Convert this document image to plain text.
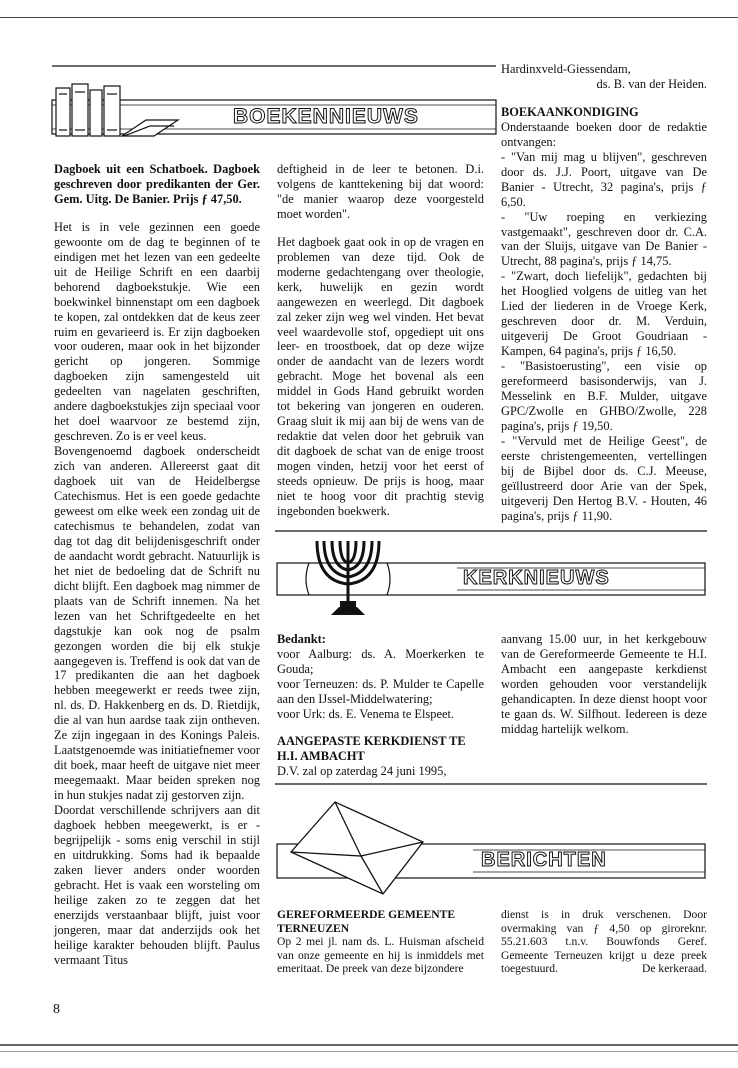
BOEKENNIEUWS

Dagboek uit een Schatboek. Dagboek geschreven door predikanten der Ger. Gem. Uitg. De Banier. Prijs ƒ 47,50.

Het is in vele gezinnen een goede gewoonte om de dag te beginnen of te eindigen met het lezen van een gedeelte uit de Heilige Schrift en een daarbij behorend dagboekstukje. Wie een boekwinkel binnenstapt om een dagboek te kopen, zal ontdekken dat de keus zeer ruim en gevarieerd is. Er zijn dagboeken voor ouderen, maar ook in het bijzonder gericht op jongeren. Sommige dagboeken zijn samengesteld uit gedeelten van nagelaten geschriften, andere dagboekstukjes zijn speciaal voor het doel waarvoor ze bestemd zijn, geschreven. Zo is er veel keus.

Bovengenoemd dagboek onderscheidt zich van anderen. Allereerst gaat dit dagboek uit van de Heidelbergse Catechismus. Het is een goede gedachte geweest om elke week een zondag uit de catechismus te behandelen, zodat van dag tot dag dit belijdenisgeschrift onder de aandacht wordt gebracht. Natuurlijk is het niet de bedoeling dat de Schrift nu dicht blijft. Een dagboek mag nimmer de plaats van de Schrift innemen. Na het lezen van het Schriftgedeelte en het dagstukje kan ook nog de psalm gezongen worden die bij elk stukje aangegeven is. Treffend is ook dat van de 17 predikanten die aan het dagboek hebben meegewerkt er reeds twee zijn, nl. ds. D. Hakkenberg en ds. D. Rietdijk, die al van hun aardse taak zijn ontheven. Ze zijn ingegaan in des Konings Paleis. Laatstgenoemde was initiatiefnemer voor dit boek, maar heeft de uitgave niet meer meegemaakt. Maar beiden spreken nog in hun stukjes nadat zij gestorven zijn.

Doordat verschillende schrijvers aan dit dagboek hebben meegewerkt, is er - begrijpelijk - soms enig verschil in stijl en uitdrukking. Soms had ik bepaalde zaken liever anders onder woorden gebracht. Het is vaak een worsteling om heilige zaken zo te zeggen dat het enerzijds verstaanbaar blijft, juist voor jongeren, maar dat anderzijds ook het heilige karakter behouden blijft. Paulus vermaant Titus

deftigheid in de leer te betonen. D.i. volgens de kanttekening bij dat woord: "de manier waarop deze voorgesteld moet worden".

Het dagboek gaat ook in op de vragen en problemen van deze tijd. Ook de moderne gedachtengang over theologie, kerk, huwelijk en gezin wordt aangewezen en weerlegd. Dit dagboek zal zeker zijn weg wel vinden. Het bevat veel waardevolle stof, opgediept uit ons leer- en troostboek, dat op deze wijze onder de aandacht van de lezers wordt gebracht. Moge het bovenal als een middel in Gods Hand gebruikt worden tot bekering van jongeren en ouderen. Graag sluit ik mij aan bij de wens van de redaktie dat velen door het gebruik van dit dagboek de schat van de enige troost mogen vinden, hetzij voor het eerst of steeds opnieuw. De prijs is hoog, maar niet te hoog voor dit prachtig stevig ingebonden boekwerk.

Hardinxveld-Giessendam,

ds. B. van der Heiden.

BOEKAANKONDIGING

Onderstaande boeken door de redaktie ontvangen:

- "Van mij mag u blijven", geschreven door ds. J.J. Poort, uitgave van De Banier - Utrecht, 32 pagina's, prijs ƒ 6,50.

- "Uw roeping en verkiezing vastgemaakt", geschreven door dr. C.A. van der Sluijs, uitgave van De Banier - Utrecht, 88 pagina's, prijs ƒ 14,75.

- "Zwart, doch liefelijk", gedachten bij het Hooglied volgens de uitleg van het Lied der liederen in de Vroege Kerk, geschreven door dr. M. Verduin, uitgeverij De Groot Goudriaan - Kampen, 64 pagina's, prijs ƒ 16,50.

- "Basistoerusting", een visie op gereformeerd basisonderwijs, van J. Messelink en B.F. Mulder, uitgave GPC/Zwolle en GHBO/Zwolle, 228 pagina's, prijs ƒ 19,50.

- "Vervuld met de Heilige Geest", de eerste christengemeenten, vertellingen bij de Bijbel door ds. C.J. Meeuse, geïllustreerd door Arie van der Spek, uitgeverij Den Hertog B.V. - Houten, 46 pagina's, prijs ƒ 11,90.

KERKNIEUWS

Bedankt:

voor Aalburg: ds. A. Moerkerken te Gouda;

voor Terneuzen: ds. P. Mulder te Capelle aan den IJssel-Middelwatering;

voor Urk: ds. E. Venema te Elspeet.

AANGEPASTE KERKDIENST TE H.I. AMBACHT

D.V. zal op zaterdag 24 juni 1995,

aanvang 15.00 uur, in het kerkgebouw van de Gereformeerde Gemeente te H.I. Ambacht een aangepaste kerkdienst worden gehouden voor verstandelijk gehandicapten. In deze dienst hoopt voor te gaan ds. W. Silfhout. Iedereen is deze middag hartelijk welkom.

BERICHTEN

GEREFORMEERDE GEMEENTE TERNEUZEN

Op 2 mei jl. nam ds. L. Huisman afscheid van onze gemeente en hij is inmiddels met emeritaat. De preek van deze bijzondere

dienst is in druk verschenen. Door overmaking van ƒ 4,50 op giroreknr. 55.21.603 t.n.v. Bouwfonds Geref. Gemeente Terneuzen krijgt u deze preek toegestuurd.	De kerkeraad.

8
